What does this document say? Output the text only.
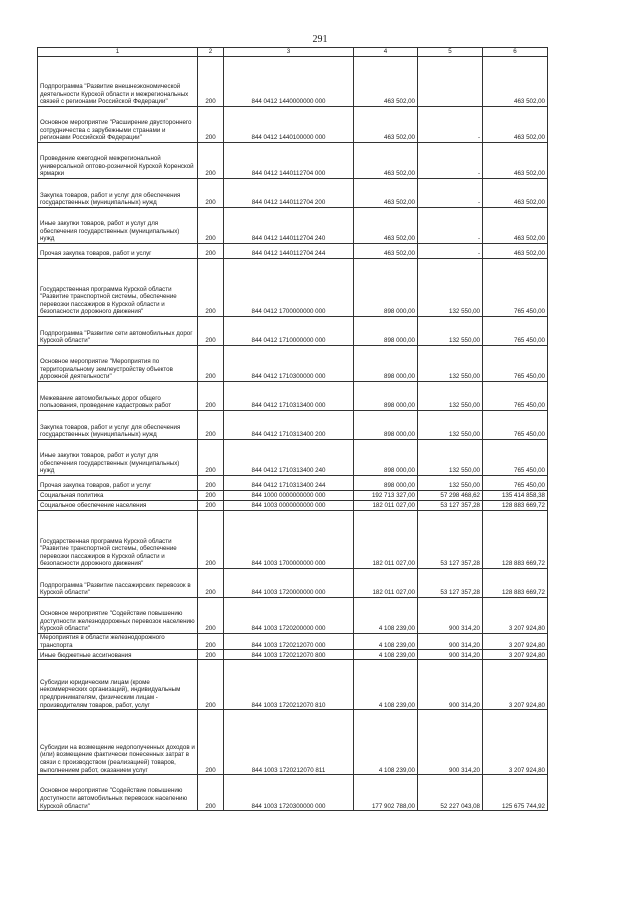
291
1	2	3	4	5	6
Подпрограмма "Развитие внешнеэкономической деятельности Курской области и межрегиональных связей с регионами Российской Федерации"	200	844 0412 1440000000 000	463 502,00		463 502,00
Основное мероприятие "Расширение двустороннего сотрудничества с зарубежными странами и регионами Российской Федерации"	200	844 0412 1440100000 000	463 502,00	-	463 502,00
Проведение ежегодной межрегиональной универсальной оптово-розничной Курской Коренской ярмарки	200	844 0412 1440112704 000	463 502,00	-	463 502,00
Закупка товаров, работ и услуг для обеспечения государственных (муниципальных) нужд	200	844 0412 1440112704 200	463 502,00	-	463 502,00
Иные закупки товаров, работ и услуг для обеспечения государственных (муниципальных) нужд	200	844 0412 1440112704 240	463 502,00	-	463 502,00
Прочая закупка товаров, работ и услуг	200	844 0412 1440112704 244	463 502,00	-	463 502,00
Государственная программа Курской области "Развитие транспортной системы, обеспечение перевозки пассажиров в Курской области и безопасности дорожного движения"	200	844 0412 1700000000 000	898 000,00	132 550,00	765 450,00
Подпрограмма "Развитие сети автомобильных дорог Курской области"	200	844 0412 1710000000 000	898 000,00	132 550,00	765 450,00
Основное мероприятие "Мероприятия по территориальному землеустройству объектов дорожной деятельности"	200	844 0412 1710300000 000	898 000,00	132 550,00	765 450,00
Межевание автомобильных дорог общего пользования, проведение кадастровых работ	200	844 0412 1710313400 000	898 000,00	132 550,00	765 450,00
Закупка товаров, работ и услуг для обеспечения государственных (муниципальных) нужд	200	844 0412 1710313400 200	898 000,00	132 550,00	765 450,00
Иные закупки товаров, работ и услуг для обеспечения государственных (муниципальных) нужд	200	844 0412 1710313400 240	898 000,00	132 550,00	765 450,00
Прочая закупка товаров, работ и услуг	200	844 0412 1710313400 244	898 000,00	132 550,00	765 450,00
Социальная политика	200	844 1000 0000000000 000	192 713 327,00	57 298 468,62	135 414 858,38
Социальное обеспечение населения	200	844 1003 0000000000 000	182 011 027,00	53 127 357,28	128 883 669,72
Государственная программа Курской области "Развитие транспортной системы, обеспечение перевозки пассажиров в Курской области и безопасности дорожного движения"	200	844 1003 1700000000 000	182 011 027,00	53 127 357,28	128 883 669,72
Подпрограмма "Развитие пассажирских перевозок в Курской области"	200	844 1003 1720000000 000	182 011 027,00	53 127 357,28	128 883 669,72
Основное мероприятие "Содействие повышению доступности железнодорожных перевозок населению Курской области"	200	844 1003 1720200000 000	4 108 239,00	900 314,20	3 207 924,80
Мероприятия в области железнодорожного транспорта	200	844 1003 1720212070 000	4 108 239,00	900 314,20	3 207 924,80
Иные бюджетные ассигнования	200	844 1003 1720212070 800	4 108 239,00	900 314,20	3 207 924,80
Субсидии юридическим лицам (кроме некоммерческих организаций), индивидуальным предпринимателям, физическим лицам - производителям товаров, работ, услуг	200	844 1003 1720212070 810	4 108 239,00	900 314,20	3 207 924,80
Субсидии на возмещение недополученных доходов и (или) возмещение фактически понесенных затрат в связи с производством (реализацией) товаров, выполнением работ, оказанием услуг	200	844 1003 1720212070 811	4 108 239,00	900 314,20	3 207 924,80
Основное мероприятие "Содействие повышению доступности автомобильных перевозок населению Курской области"	200	844 1003 1720300000 000	177 902 788,00	52 227 043,08	125 675 744,92
